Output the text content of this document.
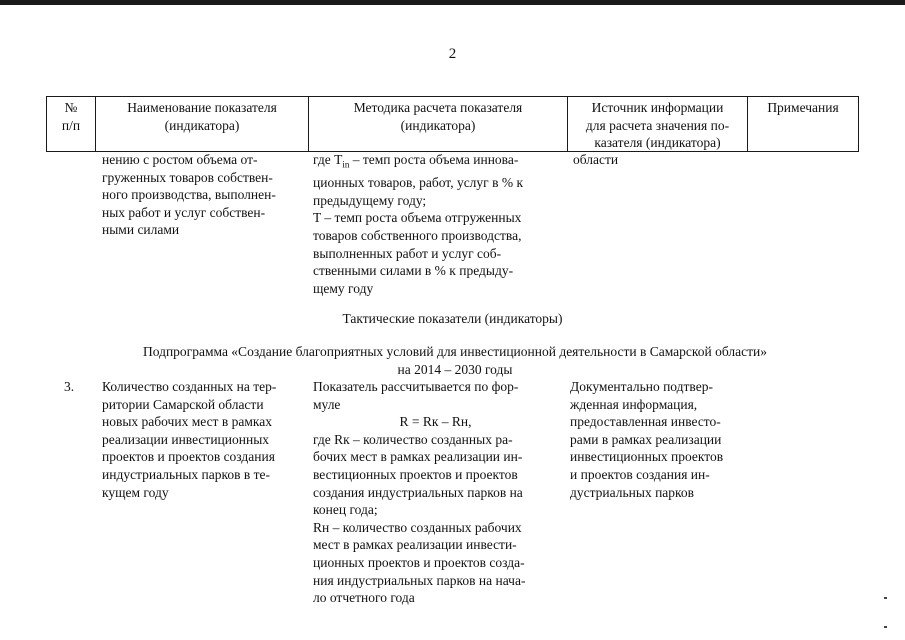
2
№
п/п
Наименование показателя
(индикатора)
Методика расчета показателя
(индикатора)
Источник информации
для расчета значения по-
казателя (индикатора)
Примечания
нению с ростом объема от-
груженных товаров собствен-
ного производства, выполнен-
ных работ и услуг собствен-
ными силами
где $T_{in}$ – темп роста объема иннова-
ционных товаров, работ, услуг в % к
предыдущему году;
T – темп роста объема отгруженных
товаров собственного производства,
выполненных работ и услуг соб-
ственными силами в % к предыду-
щему году
области
Тактические показатели (индикаторы)
Подпрограмма «Создание благоприятных условий для инвестиционной деятельности в Самарской области»
на 2014 – 2030 годы
3. Количество созданных на тер-
ритории Самарской области
новых рабочих мест в рамках
реализации инвестиционных
проектов и проектов создания
индустриальных парков в те-
кущем году
Показатель рассчитывается по фор-
муле
R = Rк – Rн,
где Rк – количество созданных ра-
бочих мест в рамках реализации ин-
вестиционных проектов и проектов
создания индустриальных парков на
конец года;
Rн – количество созданных рабочих
мест в рамках реализации инвести-
ционных проектов и проектов созда-
ния индустриальных парков на нача-
ло отчетного года
Документально подтвер-
жденная информация,
предоставленная инвесто-
рами в рамках реализации
инвестиционных проектов
и проектов создания ин-
дустриальных парков
